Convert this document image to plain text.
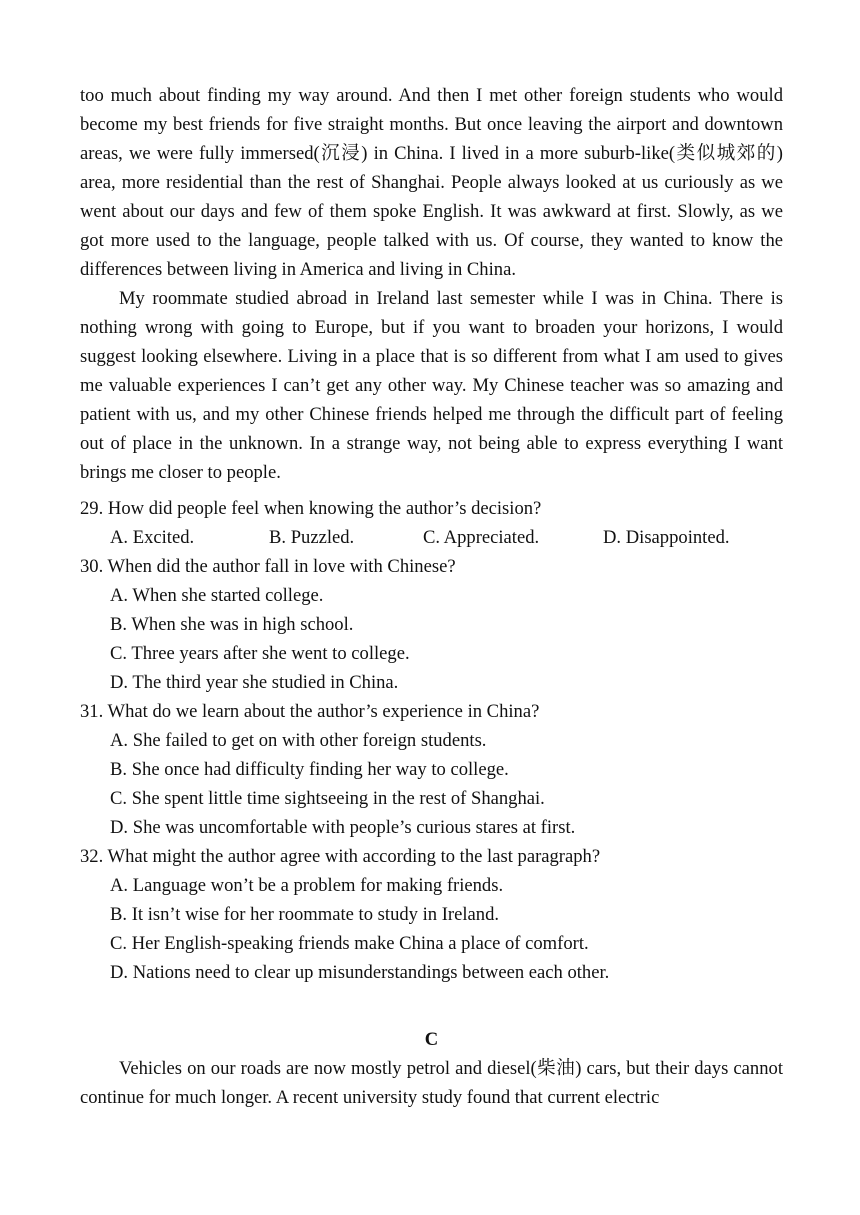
too much about finding my way around. And then I met other foreign students who would become my best friends for five straight months. But once leaving the airport and downtown areas, we were fully immersed(沉浸) in China. I lived in a more suburb-like(类似城郊的) area, more residential than the rest of Shanghai. People always looked at us curiously as we went about our days and few of them spoke English. It was awkward at first. Slowly, as we got more used to the language, people talked with us. Of course, they wanted to know the differences between living in America and living in China.

My roommate studied abroad in Ireland last semester while I was in China. There is nothing wrong with going to Europe, but if you want to broaden your horizons, I would suggest looking elsewhere. Living in a place that is so different from what I am used to gives me valuable experiences I can’t get any other way. My Chinese teacher was so amazing and patient with us, and my other Chinese friends helped me through the difficult part of feeling out of place in the unknown. In a strange way, not being able to express everything I want brings me closer to people.

29. How did people feel when knowing the author’s decision?
A. Excited.	B. Puzzled.	C. Appreciated.	D. Disappointed.
30. When did the author fall in love with Chinese?
A. When she started college.
B. When she was in high school.
C. Three years after she went to college.
D. The third year she studied in China.
31. What do we learn about the author’s experience in China?
A. She failed to get on with other foreign students.
B. She once had difficulty finding her way to college.
C. She spent little time sightseeing in the rest of Shanghai.
D. She was uncomfortable with people’s curious stares at first.
32. What might the author agree with according to the last paragraph?
A. Language won’t be a problem for making friends.
B. It isn’t wise for her roommate to study in Ireland.
C. Her English-speaking friends make China a place of comfort.
D. Nations need to clear up misunderstandings between each other.
C

Vehicles on our roads are now mostly petrol and diesel(柴油) cars, but their days cannot continue for much longer. A recent university study found that current electric
